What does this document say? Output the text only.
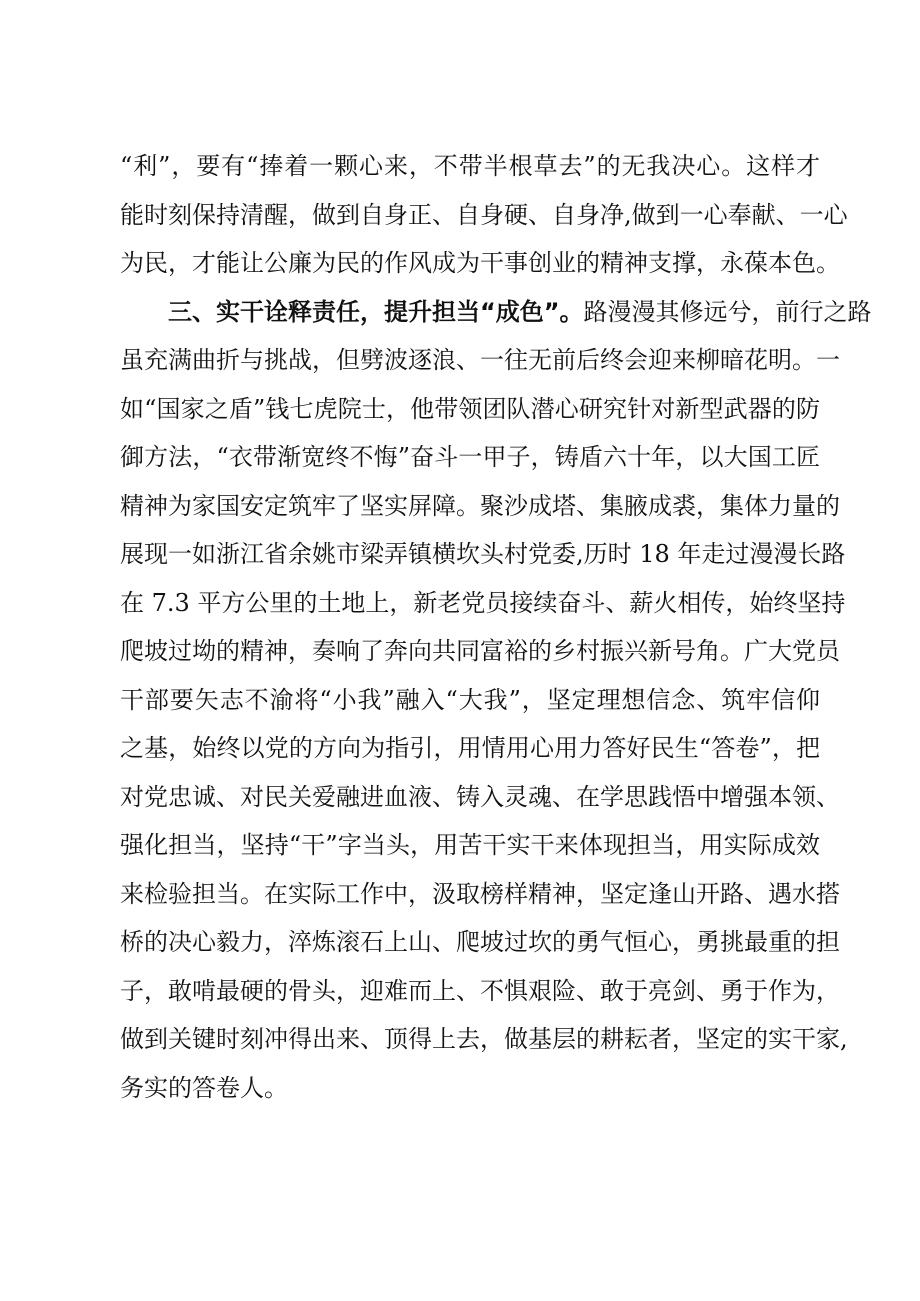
“利”，要有“捧着一颗心来，不带半根草去”的无我决心。这样才
能时刻保持清醒，做到自身正、自身硬、自身净,做到一心奉献、一心
为民，才能让公廉为民的作风成为干事创业的精神支撑，永葆本色。
三、实干诠释责任，提升担当“成色”。路漫漫其修远兮，前行之路
虽充满曲折与挑战，但劈波逐浪、一往无前后终会迎来柳暗花明。一
如“国家之盾”钱七虎院士，他带领团队潜心研究针对新型武器的防
御方法，“衣带渐宽终不悔”奋斗一甲子，铸盾六十年，以大国工匠
精神为家国安定筑牢了坚实屏障。聚沙成塔、集腋成裘，集体力量的
展现一如浙江省余姚市梁弄镇横坎头村党委,历时 18 年走过漫漫长路
在 7.3 平方公里的土地上，新老党员接续奋斗、薪火相传，始终坚持
爬坡过坳的精神，奏响了奔向共同富裕的乡村振兴新号角。广大党员
干部要矢志不渝将“小我”融入“大我”，坚定理想信念、筑牢信仰
之基，始终以党的方向为指引，用情用心用力答好民生“答卷”，把
对党忠诚、对民关爱融进血液、铸入灵魂、在学思践悟中增强本领、
强化担当，坚持“干”字当头，用苦干实干来体现担当，用实际成效
来检验担当。在实际工作中，汲取榜样精神，坚定逢山开路、遇水搭
桥的决心毅力，淬炼滚石上山、爬坡过坎的勇气恒心，勇挑最重的担
子，敢啃最硬的骨头，迎难而上、不惧艰险、敢于亮剑、勇于作为，
做到关键时刻冲得出来、顶得上去，做基层的耕耘者，坚定的实干家,
务实的答卷人。
